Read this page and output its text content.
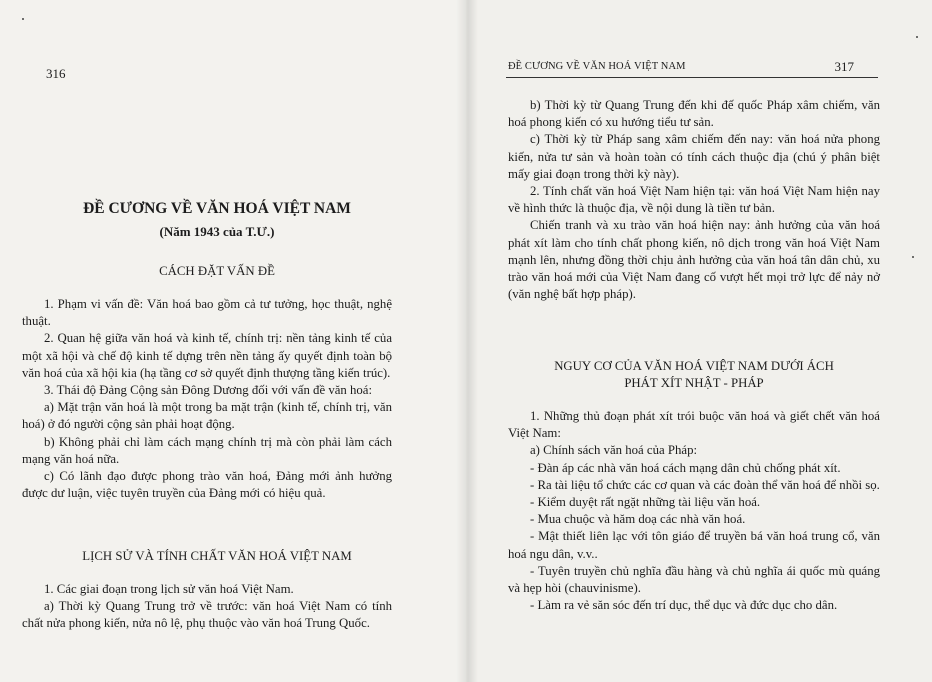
316
ĐỀ CƯƠNG VỀ VĂN HOÁ VIỆT NAM
(Năm 1943 của T.Ư.)
CÁCH ĐẶT VẤN ĐỀ

1. Phạm vi vấn đề: Văn hoá bao gồm cả tư tưởng, học thuật, nghệ thuật.

2. Quan hệ giữa văn hoá và kinh tế, chính trị: nền tảng kinh tế của một xã hội và chế độ kinh tế dựng trên nền tảng ấy quyết định toàn bộ văn hoá của xã hội kia (hạ tầng cơ sở quyết định thượng tầng kiến trúc).

3. Thái độ Đảng Cộng sản Đông Dương đối với vấn đề văn hoá:

a) Mặt trận văn hoá là một trong ba mặt trận (kinh tế, chính trị, văn hoá) ở đó người cộng sản phải hoạt động.

b) Không phải chỉ làm cách mạng chính trị mà còn phải làm cách mạng văn hoá nữa.

c) Có lãnh đạo được phong trào văn hoá, Đảng mới ảnh hưởng được dư luận, việc tuyên truyền của Đảng mới có hiệu quả.

LỊCH SỬ VÀ TÍNH CHẤT VĂN HOÁ VIỆT NAM

1. Các giai đoạn trong lịch sử văn hoá Việt Nam.

a) Thời kỳ Quang Trung trở về trước: văn hoá Việt Nam có tính chất nửa phong kiến, nửa nô lệ, phụ thuộc vào văn hoá Trung Quốc.

ĐỀ CƯƠNG VỀ VĂN HOÁ VIỆT NAM	317

b) Thời kỳ từ Quang Trung đến khi đế quốc Pháp xâm chiếm, văn hoá phong kiến có xu hướng tiểu tư sản.

c) Thời kỳ từ Pháp sang xâm chiếm đến nay: văn hoá nửa phong kiến, nửa tư sản và hoàn toàn có tính cách thuộc địa (chú ý phân biệt mấy giai đoạn trong thời kỳ này).

2. Tính chất văn hoá Việt Nam hiện tại: văn hoá Việt Nam hiện nay về hình thức là thuộc địa, về nội dung là tiền tư bản.

Chiến tranh và xu trào văn hoá hiện nay: ảnh hưởng của văn hoá phát xít làm cho tính chất phong kiến, nô dịch trong văn hoá Việt Nam mạnh lên, nhưng đồng thời chịu ảnh hưởng của văn hoá tân dân chủ, xu trào văn hoá mới của Việt Nam đang cố vượt hết mọi trở lực để nảy nở (văn nghệ bất hợp pháp).

NGUY CƠ CỦA VĂN HOÁ VIỆT NAM DƯỚI ÁCH
PHÁT XÍT NHẬT - PHÁP

1. Những thủ đoạn phát xít trói buộc văn hoá và giết chết văn hoá Việt Nam:

a) Chính sách văn hoá của Pháp:

- Đàn áp các nhà văn hoá cách mạng dân chủ chống phát xít.

- Ra tài liệu tổ chức các cơ quan và các đoàn thể văn hoá để nhồi sọ.

- Kiểm duyệt rất ngặt những tài liệu văn hoá.

- Mua chuộc và hăm doạ các nhà văn hoá.

- Mật thiết liên lạc với tôn giáo để truyền bá văn hoá trung cổ, văn hoá ngu dân, v.v..

- Tuyên truyền chủ nghĩa đầu hàng và chủ nghĩa ái quốc mù quáng và hẹp hòi (chauvinisme).

- Làm ra vẻ săn sóc đến trí dục, thể dục và đức dục cho dân.
